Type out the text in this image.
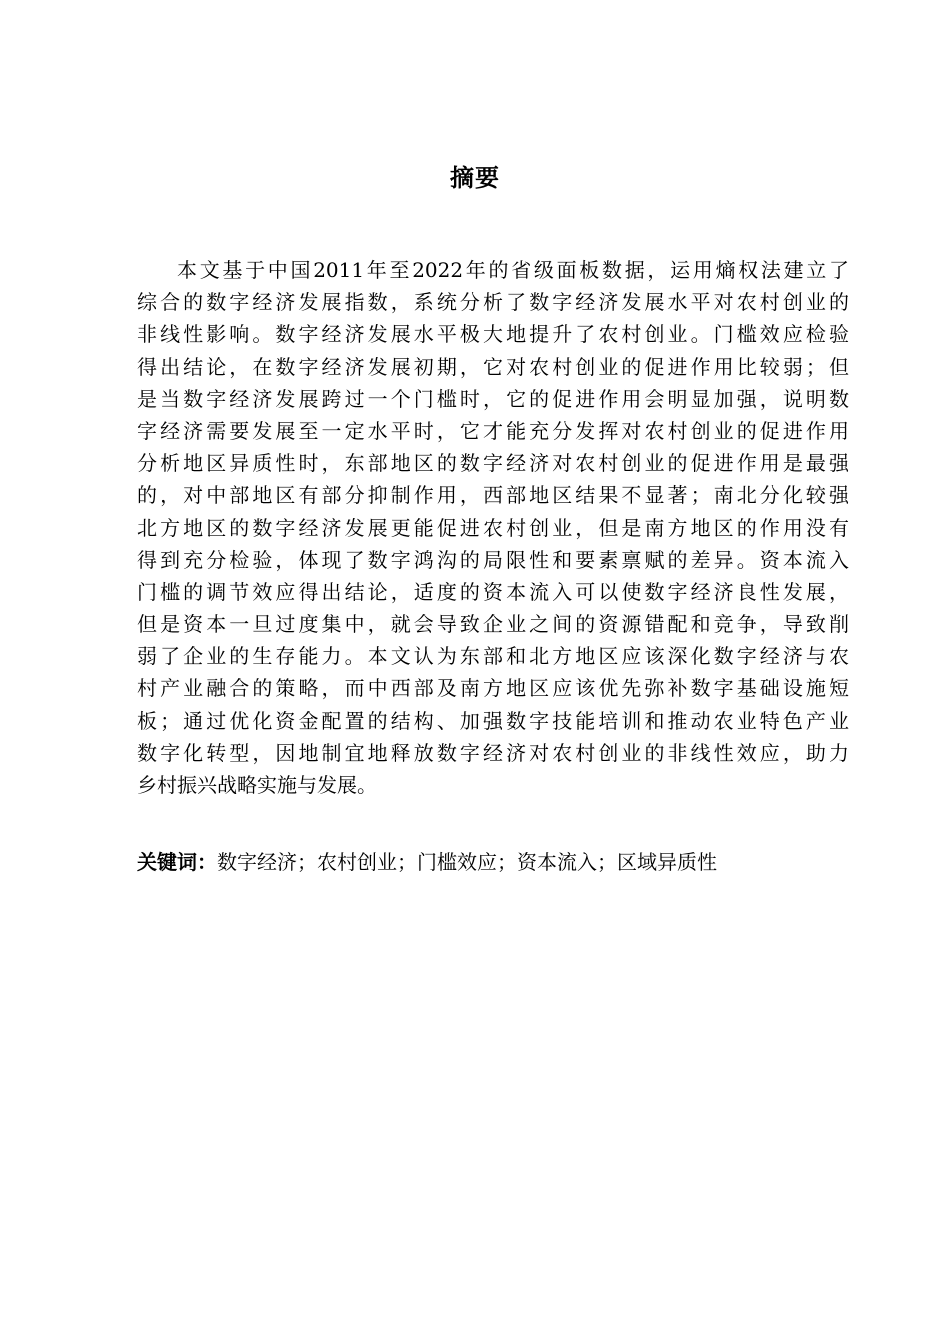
摘要
本文基于中国2011年至2022年的省级面板数据，运用熵权法建立了
综合的数字经济发展指数，系统分析了数字经济发展水平对农村创业的
非线性影响。数字经济发展水平极大地提升了农村创业。门槛效应检验
得出结论，在数字经济发展初期，它对农村创业的促进作用比较弱；但
是当数字经济发展跨过一个门槛时，它的促进作用会明显加强，说明数
字经济需要发展至一定水平时，它才能充分发挥对农村创业的促进作用
分析地区异质性时，东部地区的数字经济对农村创业的促进作用是最强
的，对中部地区有部分抑制作用，西部地区结果不显著；南北分化较强
北方地区的数字经济发展更能促进农村创业，但是南方地区的作用没有
得到充分检验，体现了数字鸿沟的局限性和要素禀赋的差异。资本流入
门槛的调节效应得出结论，适度的资本流入可以使数字经济良性发展，
但是资本一旦过度集中，就会导致企业之间的资源错配和竞争，导致削
弱了企业的生存能力。本文认为东部和北方地区应该深化数字经济与农
村产业融合的策略，而中西部及南方地区应该优先弥补数字基础设施短
板；通过优化资金配置的结构、加强数字技能培训和推动农业特色产业
数字化转型，因地制宜地释放数字经济对农村创业的非线性效应，助力
乡村振兴战略实施与发展。
关键词：数字经济；农村创业；门槛效应；资本流入；区域异质性
